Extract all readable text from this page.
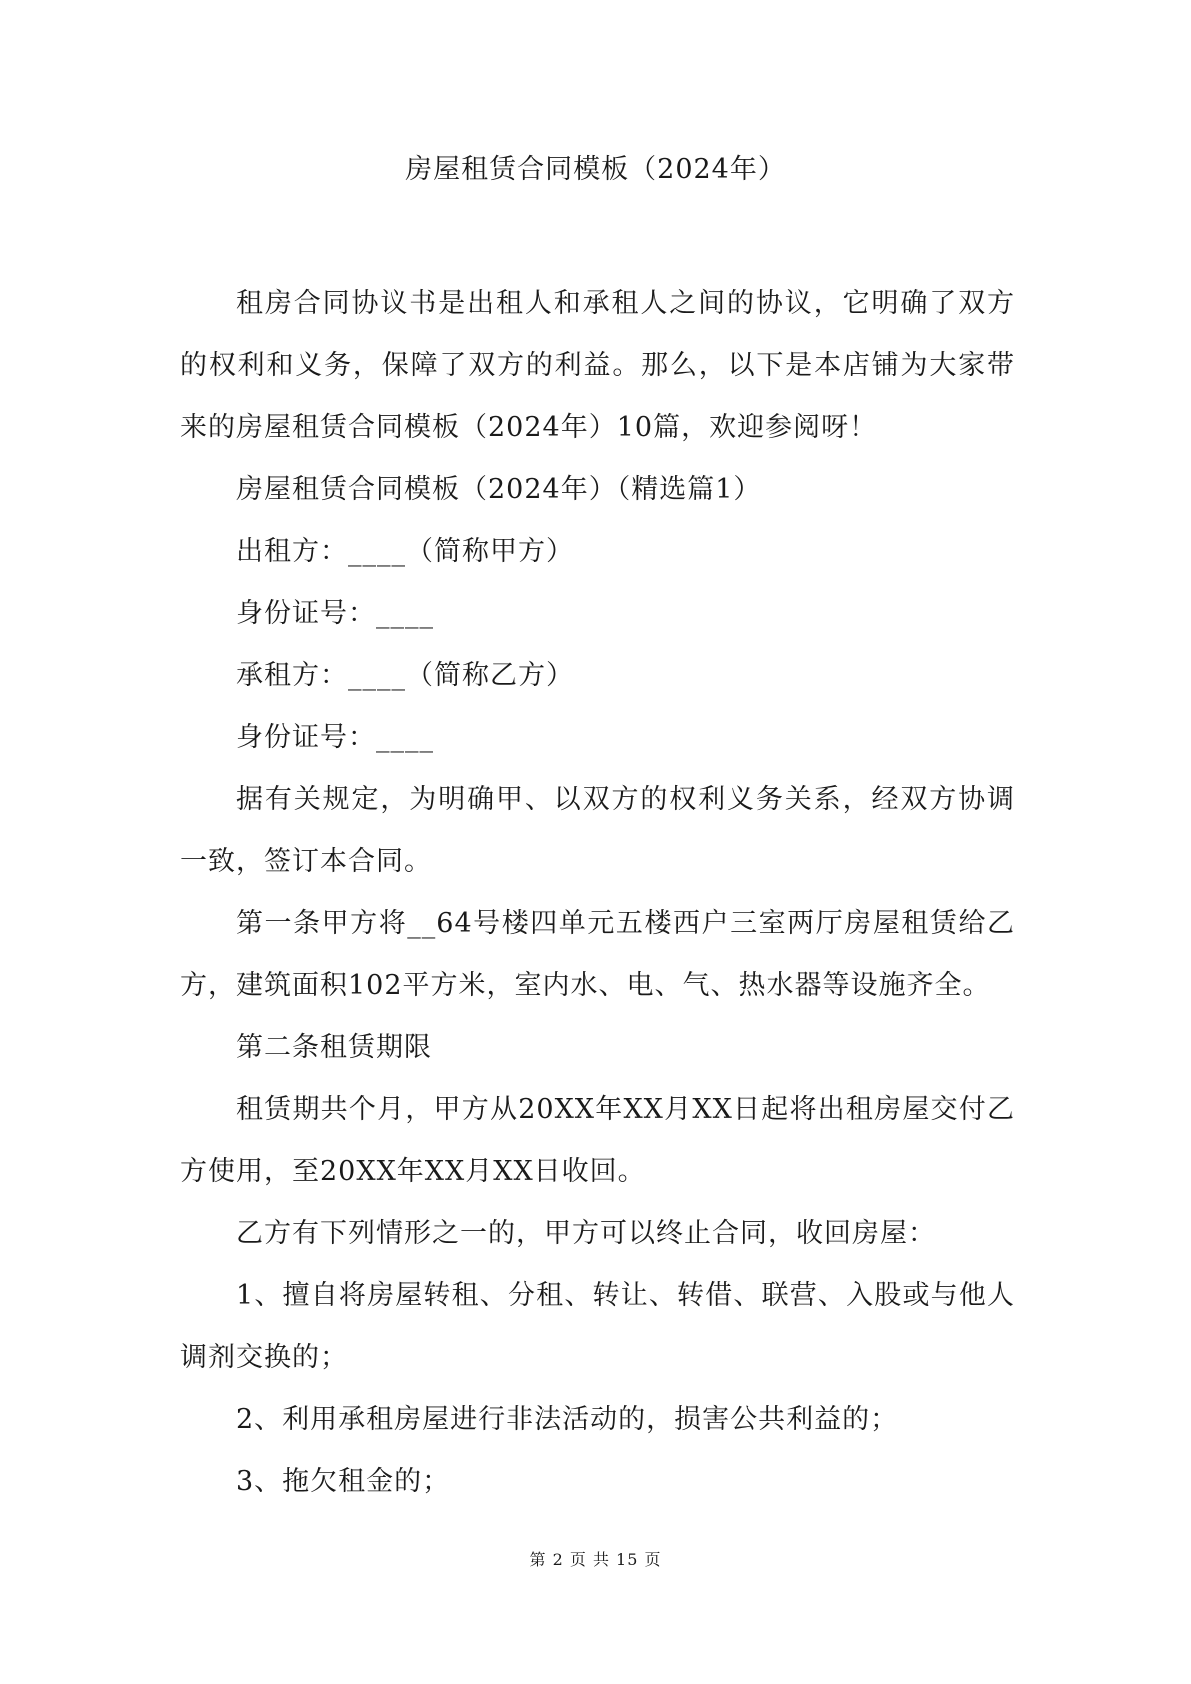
房屋租赁合同模板（2024年）

租房合同协议书是出租人和承租人之间的协议，它明确了双方的权利和义务，保障了双方的利益。那么，以下是本店铺为大家带来的房屋租赁合同模板（2024年）10篇，欢迎参阅呀！

房屋租赁合同模板（2024年）（精选篇1）

出租方：____（简称甲方）

身份证号：____

承租方：____（简称乙方）

身份证号：____

据有关规定，为明确甲、以双方的权利义务关系，经双方协调一致，签订本合同。

第一条甲方将__64号楼四单元五楼西户三室两厅房屋租赁给乙方，建筑面积102平方米，室内水、电、气、热水器等设施齐全。

第二条租赁期限

租赁期共个月，甲方从20XX年XX月XX日起将出租房屋交付乙方使用，至20XX年XX月XX日收回。

乙方有下列情形之一的，甲方可以终止合同，收回房屋：

1、擅自将房屋转租、分租、转让、转借、联营、入股或与他人调剂交换的；

2、利用承租房屋进行非法活动的，损害公共利益的；

3、拖欠租金的；

第 2 页 共 15 页
